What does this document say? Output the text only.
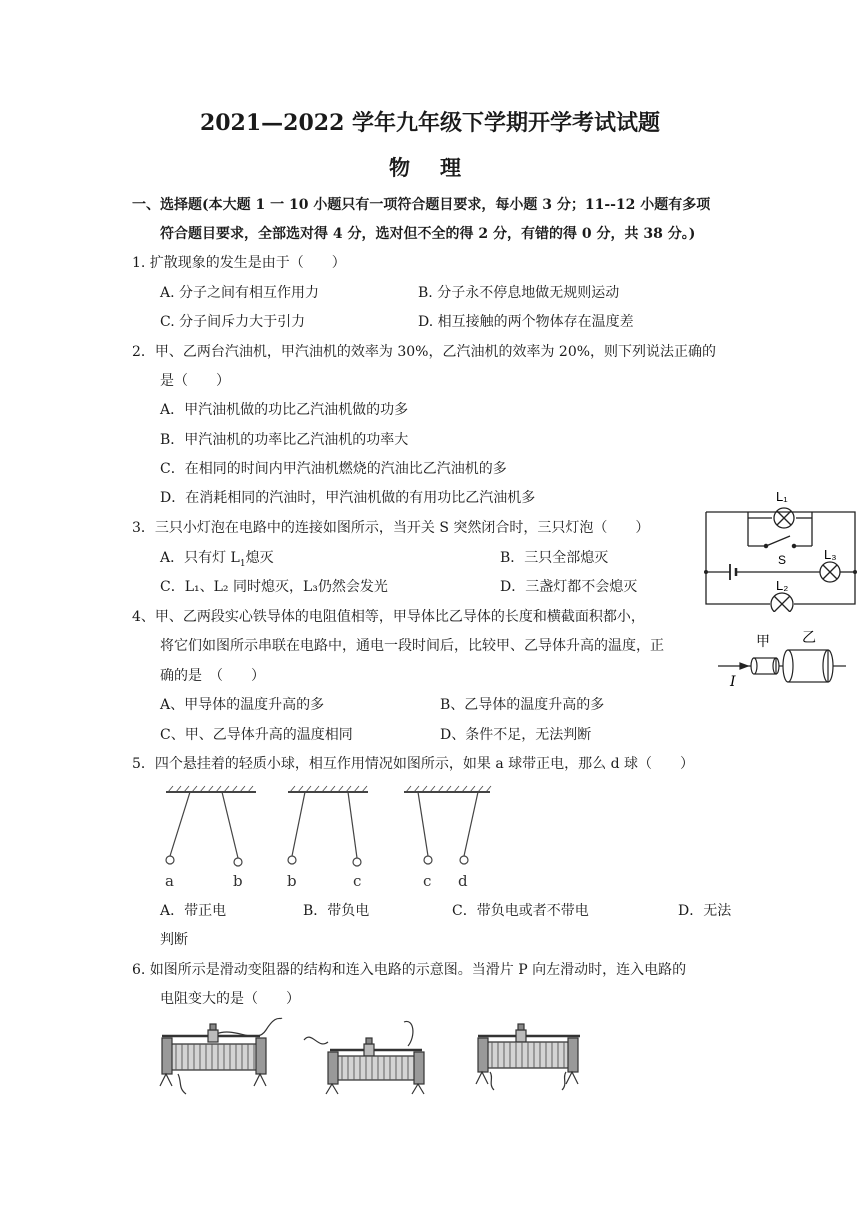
2021—2022 学年九年级下学期开学考试试题
物理
一、选择题(本大题 1 一 10 小题只有一项符合题目要求，每小题 3 分；11--12 小题有多项
符合题目要求，全部选对得 4 分，选对但不全的得 2 分，有错的得 0 分，共 38 分。)
1. 扩散现象的发生是由于（　　）
A. 分子之间有相互作用力	B. 分子永不停息地做无规则运动
C. 分子间斥力大于引力	D. 相互接触的两个物体存在温度差
2．甲、乙两台汽油机，甲汽油机的效率为 30%，乙汽油机的效率为 20%，则下列说法正确的
是（　　）
A．甲汽油机做的功比乙汽油机做的功多
B．甲汽油机的功率比乙汽油机的功率大
C．在相同的时间内甲汽油机燃烧的汽油比乙汽油机的多
D．在消耗相同的汽油时，甲汽油机做的有用功比乙汽油机多
3．三只小灯泡在电路中的连接如图所示，当开关 S 突然闭合时，三只灯泡（　　）
A．只有灯 $L_1$熄灭	B．三只全部熄灭
C．L₁、L₂ 同时熄灭，L₃仍然会发光	D．三盏灯都不会熄灭
L₁
L₂
L₃
S
4、甲、乙两段实心铁导体的电阻值相等，甲导体比乙导体的长度和横截面积都小，
将它们如图所示串联在电路中，通电一段时间后，比较甲、乙导体升高的温度，正
确的是　（　　）
A、甲导体的温度升高的多	B、乙导体的温度升高的多
C、甲、乙导体升高的温度相同	D、条件不足，无法判断
甲 乙
I
5．四个悬挂着的轻质小球，相互作用情况如图所示，如果 a 球带正电，那么 d 球（　　）
a	b	b	c	c d
A．带正电	B．带负电	C．带负电或者不带电	D．无法
判断
6. 如图所示是滑动变阻器的结构和连入电路的示意图。当滑片 P 向左滑动时，连入电路的
电阻变大的是（　　）
